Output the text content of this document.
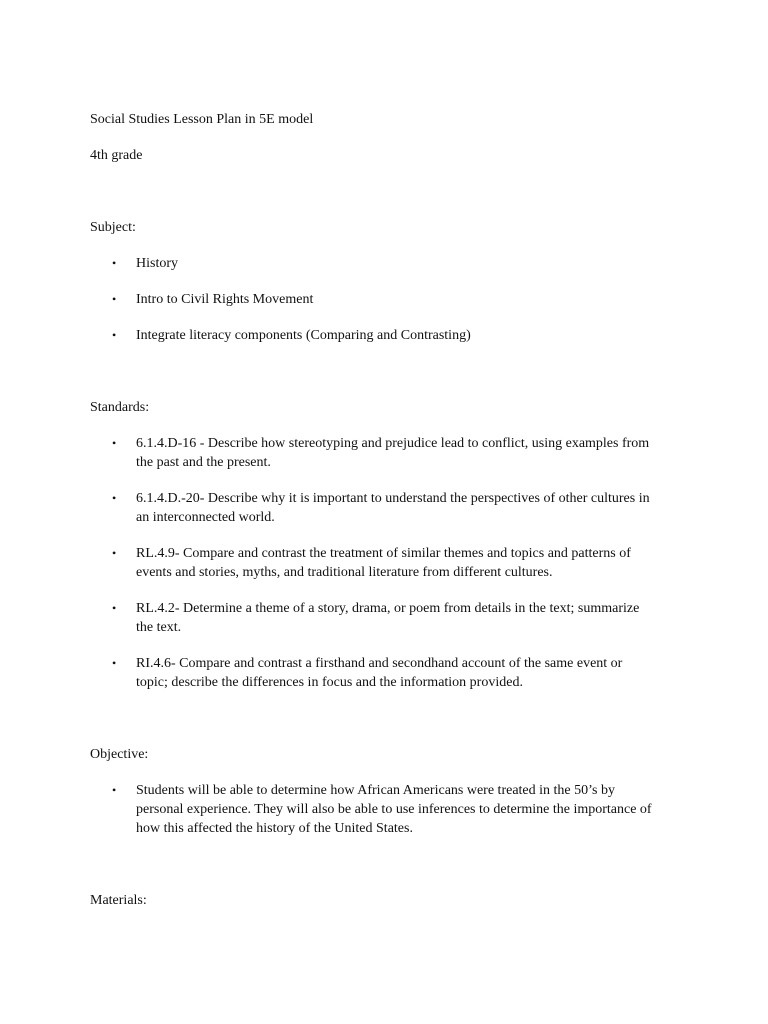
Social Studies Lesson Plan in 5E model

4th grade

Subject:

• History
• Intro to Civil Rights Movement
• Integrate literacy components (Comparing and Contrasting)

Standards:

• 6.1.4.D-16 - Describe how stereotyping and prejudice lead to conflict, using examples from the past and the present.
• 6.1.4.D.-20- Describe why it is important to understand the perspectives of other cultures in an interconnected world.
• RL.4.9- Compare and contrast the treatment of similar themes and topics and patterns of events and stories, myths, and traditional literature from different cultures.
• RL.4.2- Determine a theme of a story, drama, or poem from details in the text; summarize the text.
• RI.4.6- Compare and contrast a firsthand and secondhand account of the same event or topic; describe the differences in focus and the information provided.

Objective:

• Students will be able to determine how African Americans were treated in the 50’s by personal experience. They will also be able to use inferences to determine the importance of how this affected the history of the United States.

Materials:
